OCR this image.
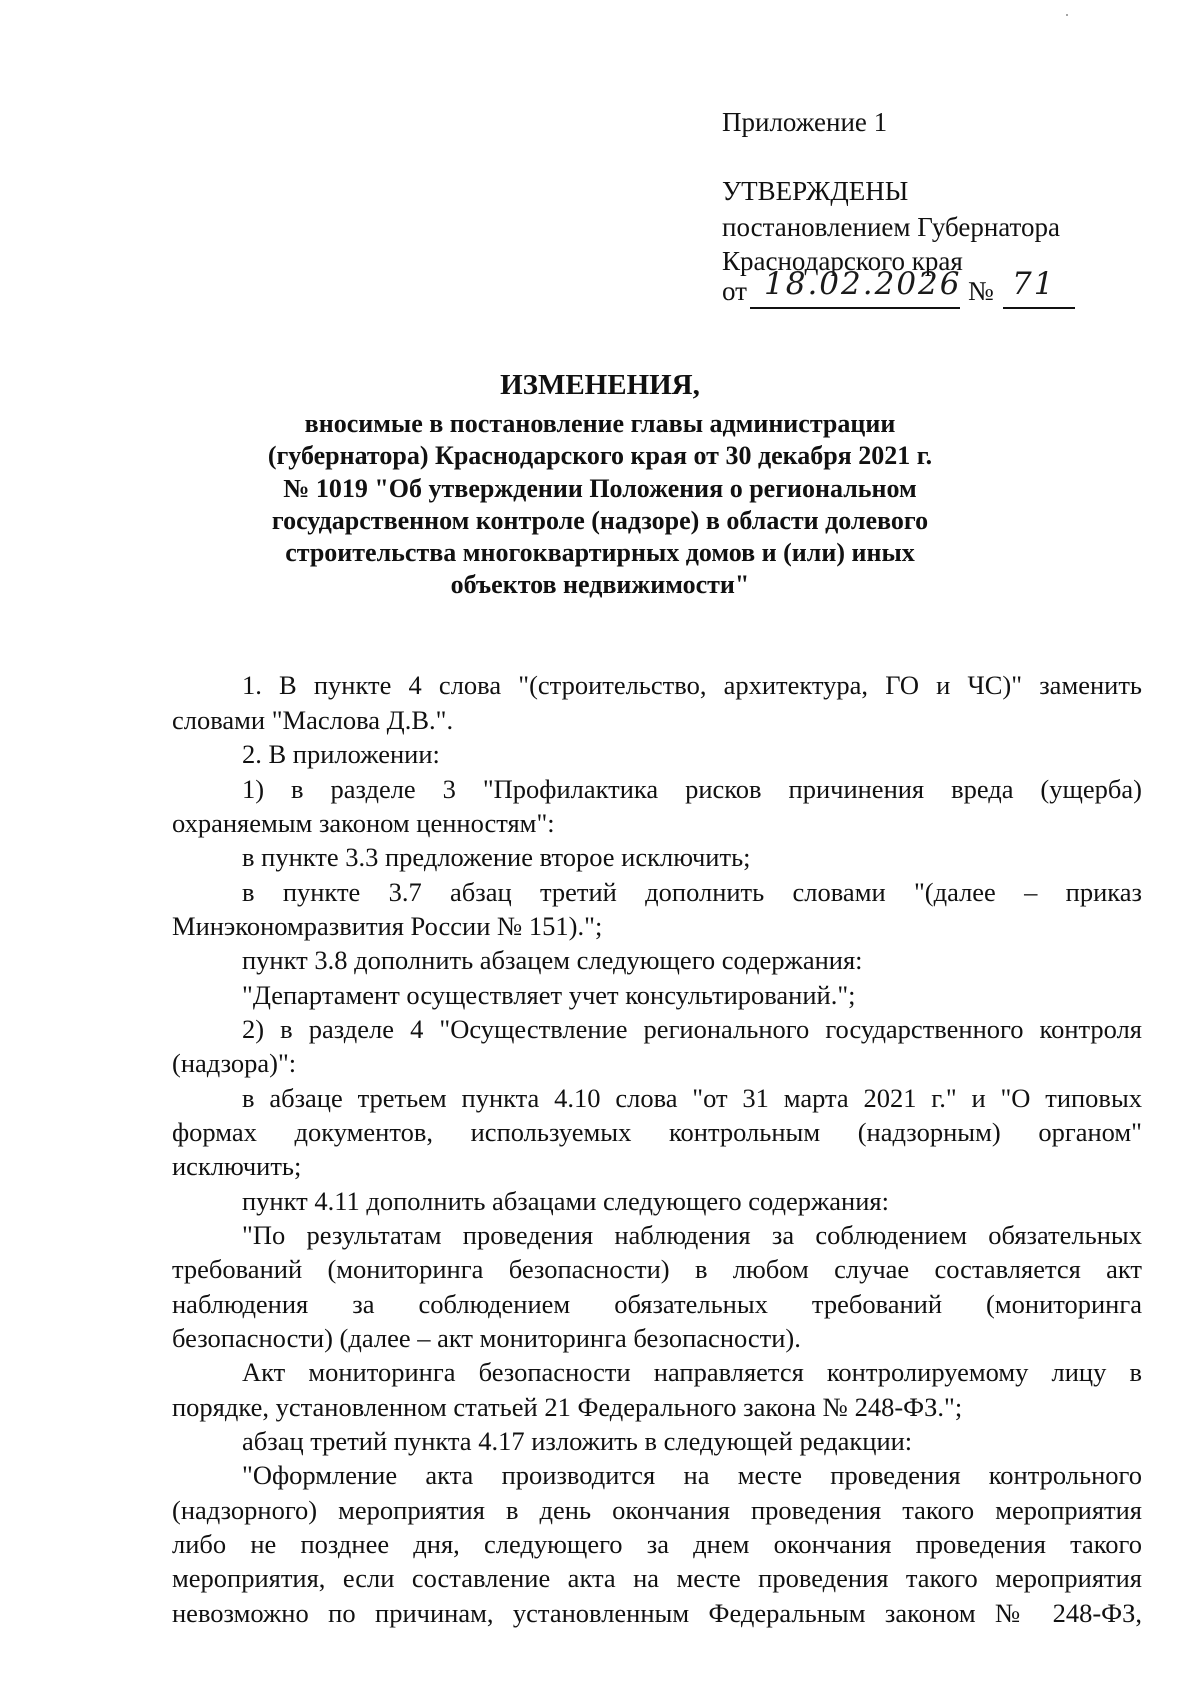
Приложение 1
УТВЕРЖДЕНЫ
постановлением Губернатора
Краснодарского края
от 18.02.2026 № 71
ИЗМЕНЕНИЯ,
вносимые в постановление главы администрации
(губернатора) Краснодарского края от 30 декабря 2021 г.
№ 1019 "Об утверждении Положения о региональном
государственном контроле (надзоре) в области долевого
строительства многоквартирных домов и (или) иных
объектов недвижимости"
1. В пункте 4 слова "(строительство, архитектура, ГО и ЧС)" заменить
словами "Маслова Д.В.".
2. В приложении:
1) в разделе 3 "Профилактика рисков причинения вреда (ущерба)
охраняемым законом ценностям":
в пункте 3.3 предложение второе исключить;
в пункте 3.7 абзац третий дополнить словами "(далее – приказ
Минэкономразвития России № 151).";
пункт 3.8 дополнить абзацем следующего содержания:
"Департамент осуществляет учет консультирований.";
2) в разделе 4 "Осуществление регионального государственного контроля
(надзора)":
в абзаце третьем пункта 4.10 слова "от 31 марта 2021 г." и "О типовых
формах документов, используемых контрольным (надзорным) органом"
исключить;
пункт 4.11 дополнить абзацами следующего содержания:
"По результатам проведения наблюдения за соблюдением обязательных
требований (мониторинга безопасности) в любом случае составляется акт
наблюдения за соблюдением обязательных требований (мониторинга
безопасности) (далее – акт мониторинга безопасности).
Акт мониторинга безопасности направляется контролируемому лицу в
порядке, установленном статьей 21 Федерального закона № 248-ФЗ.";
абзац третий пункта 4.17 изложить в следующей редакции:
"Оформление акта производится на месте проведения контрольного
(надзорного) мероприятия в день окончания проведения такого мероприятия
либо не позднее дня, следующего за днем окончания проведения такого
мероприятия, если составление акта на месте проведения такого мероприятия
невозможно по причинам, установленным Федеральным законом № 248-ФЗ,
